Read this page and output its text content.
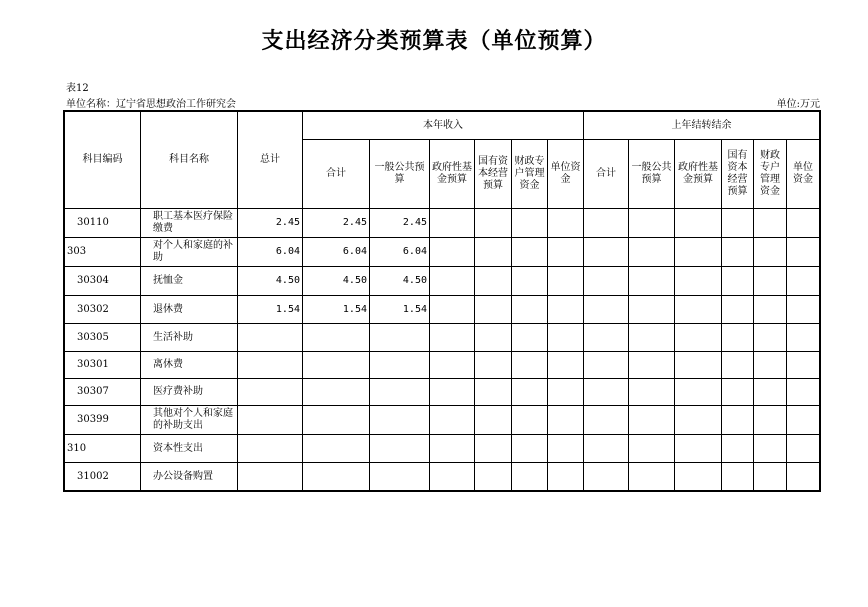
支出经济分类预算表（单位预算）
表12
单位名称：辽宁省思想政治工作研究会	单位:万元
科目编码	科目名称	总计	本年收入						上年结转结余					
			合计	一般公共预算	政府性基金预算	国有资本经营预算	财政专户管理资金	单位资金	合计	一般公共预算	政府性基金预算	国有资本经营预算	财政专户管理资金	单位资金
30110	职工基本医疗保险缴费	2.45	2.45	2.45										
303	对个人和家庭的补助	6.04	6.04	6.04										
30304	抚恤金	4.50	4.50	4.50										
30302	退休费	1.54	1.54	1.54										
30305	生活补助													
30301	离休费													
30307	医疗费补助													
30399	其他对个人和家庭的补助支出													
310	资本性支出													
31002	办公设备购置													
